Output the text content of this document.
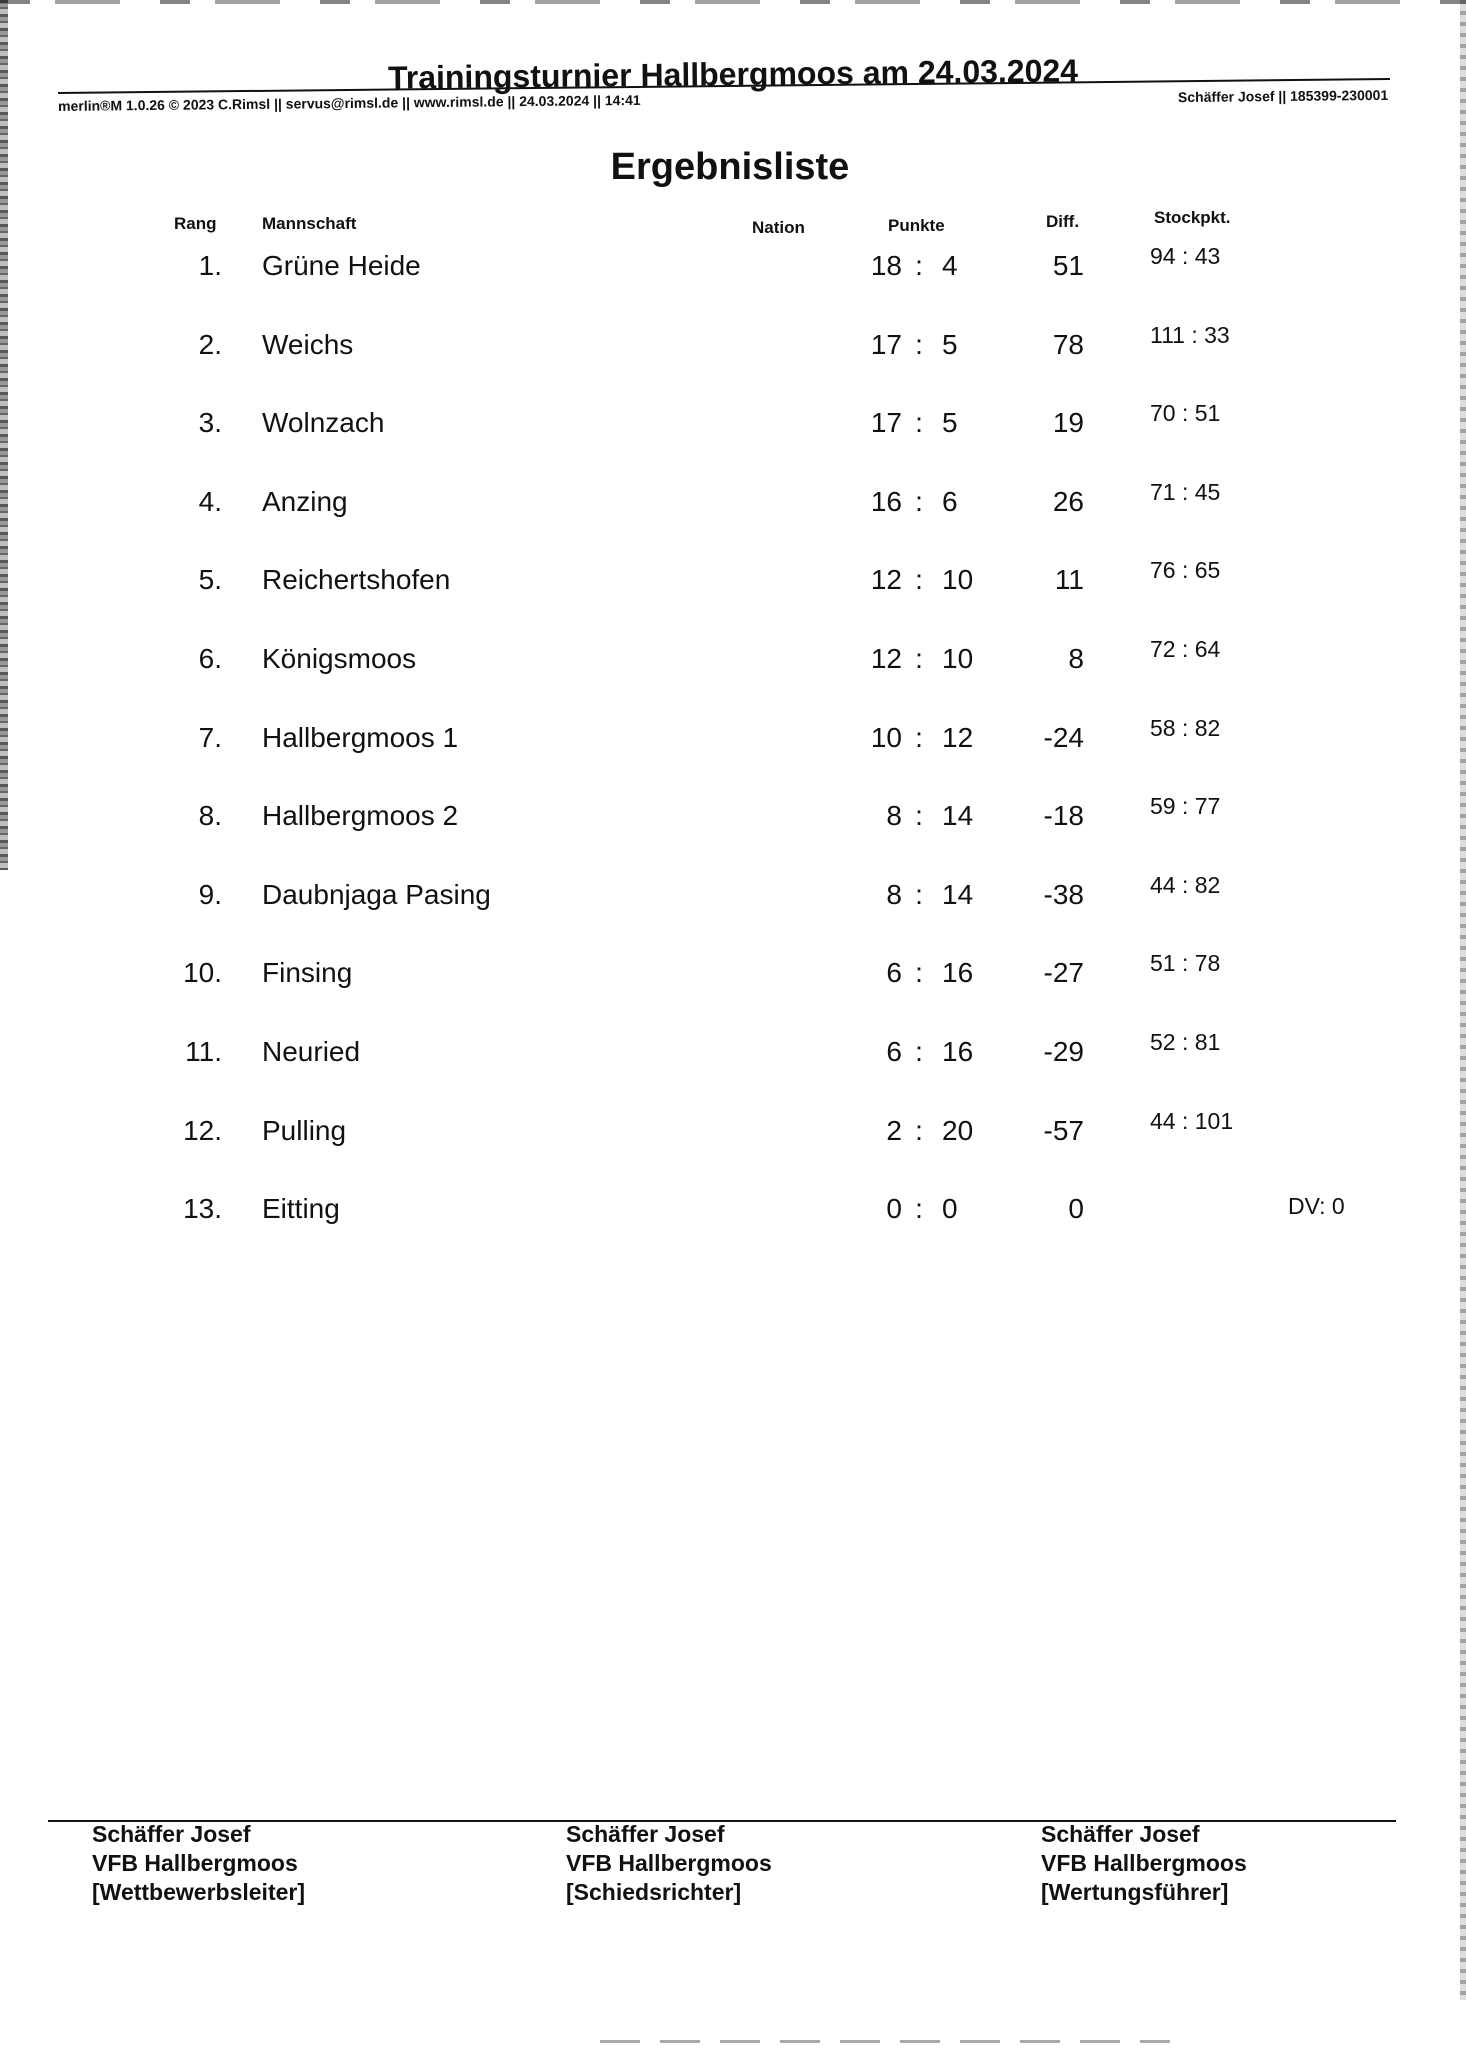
Trainingsturnier Hallbergmoos am 24.03.2024
merlin®M 1.0.26 © 2023 C.Rimsl || servus@rimsl.de || www.rimsl.de || 24.03.2024 || 14:41	Schäffer Josef || 185399-230001
Ergebnisliste
Rang	Mannschaft	Nation	Punkte	Diff.	Stockpkt.
1. Grüne Heide	18 : 4	51	94 : 43
2. Weichs	17 : 5	78	111 : 33
3. Wolnzach	17 : 5	19	70 : 51
4. Anzing	16 : 6	26	71 : 45
5. Reichertshofen	12 : 10	11	76 : 65
6. Königsmoos	12 : 10	8	72 : 64
7. Hallbergmoos 1	10 : 12	-24	58 : 82
8. Hallbergmoos 2	8 : 14	-18	59 : 77
9. Daubnjaga Pasing	8 : 14	-38	44 : 82
10. Finsing	6 : 16	-27	51 : 78
11. Neuried	6 : 16	-29	52 : 81
12. Pulling	2 : 20	-57	44 : 101
13. Eitting	0 : 0	0	DV: 0
Schäffer Josef
VFB Hallbergmoos
[Wettbewerbsleiter]
Schäffer Josef
VFB Hallbergmoos
[Schiedsrichter]
Schäffer Josef
VFB Hallbergmoos
[Wertungsführer]
